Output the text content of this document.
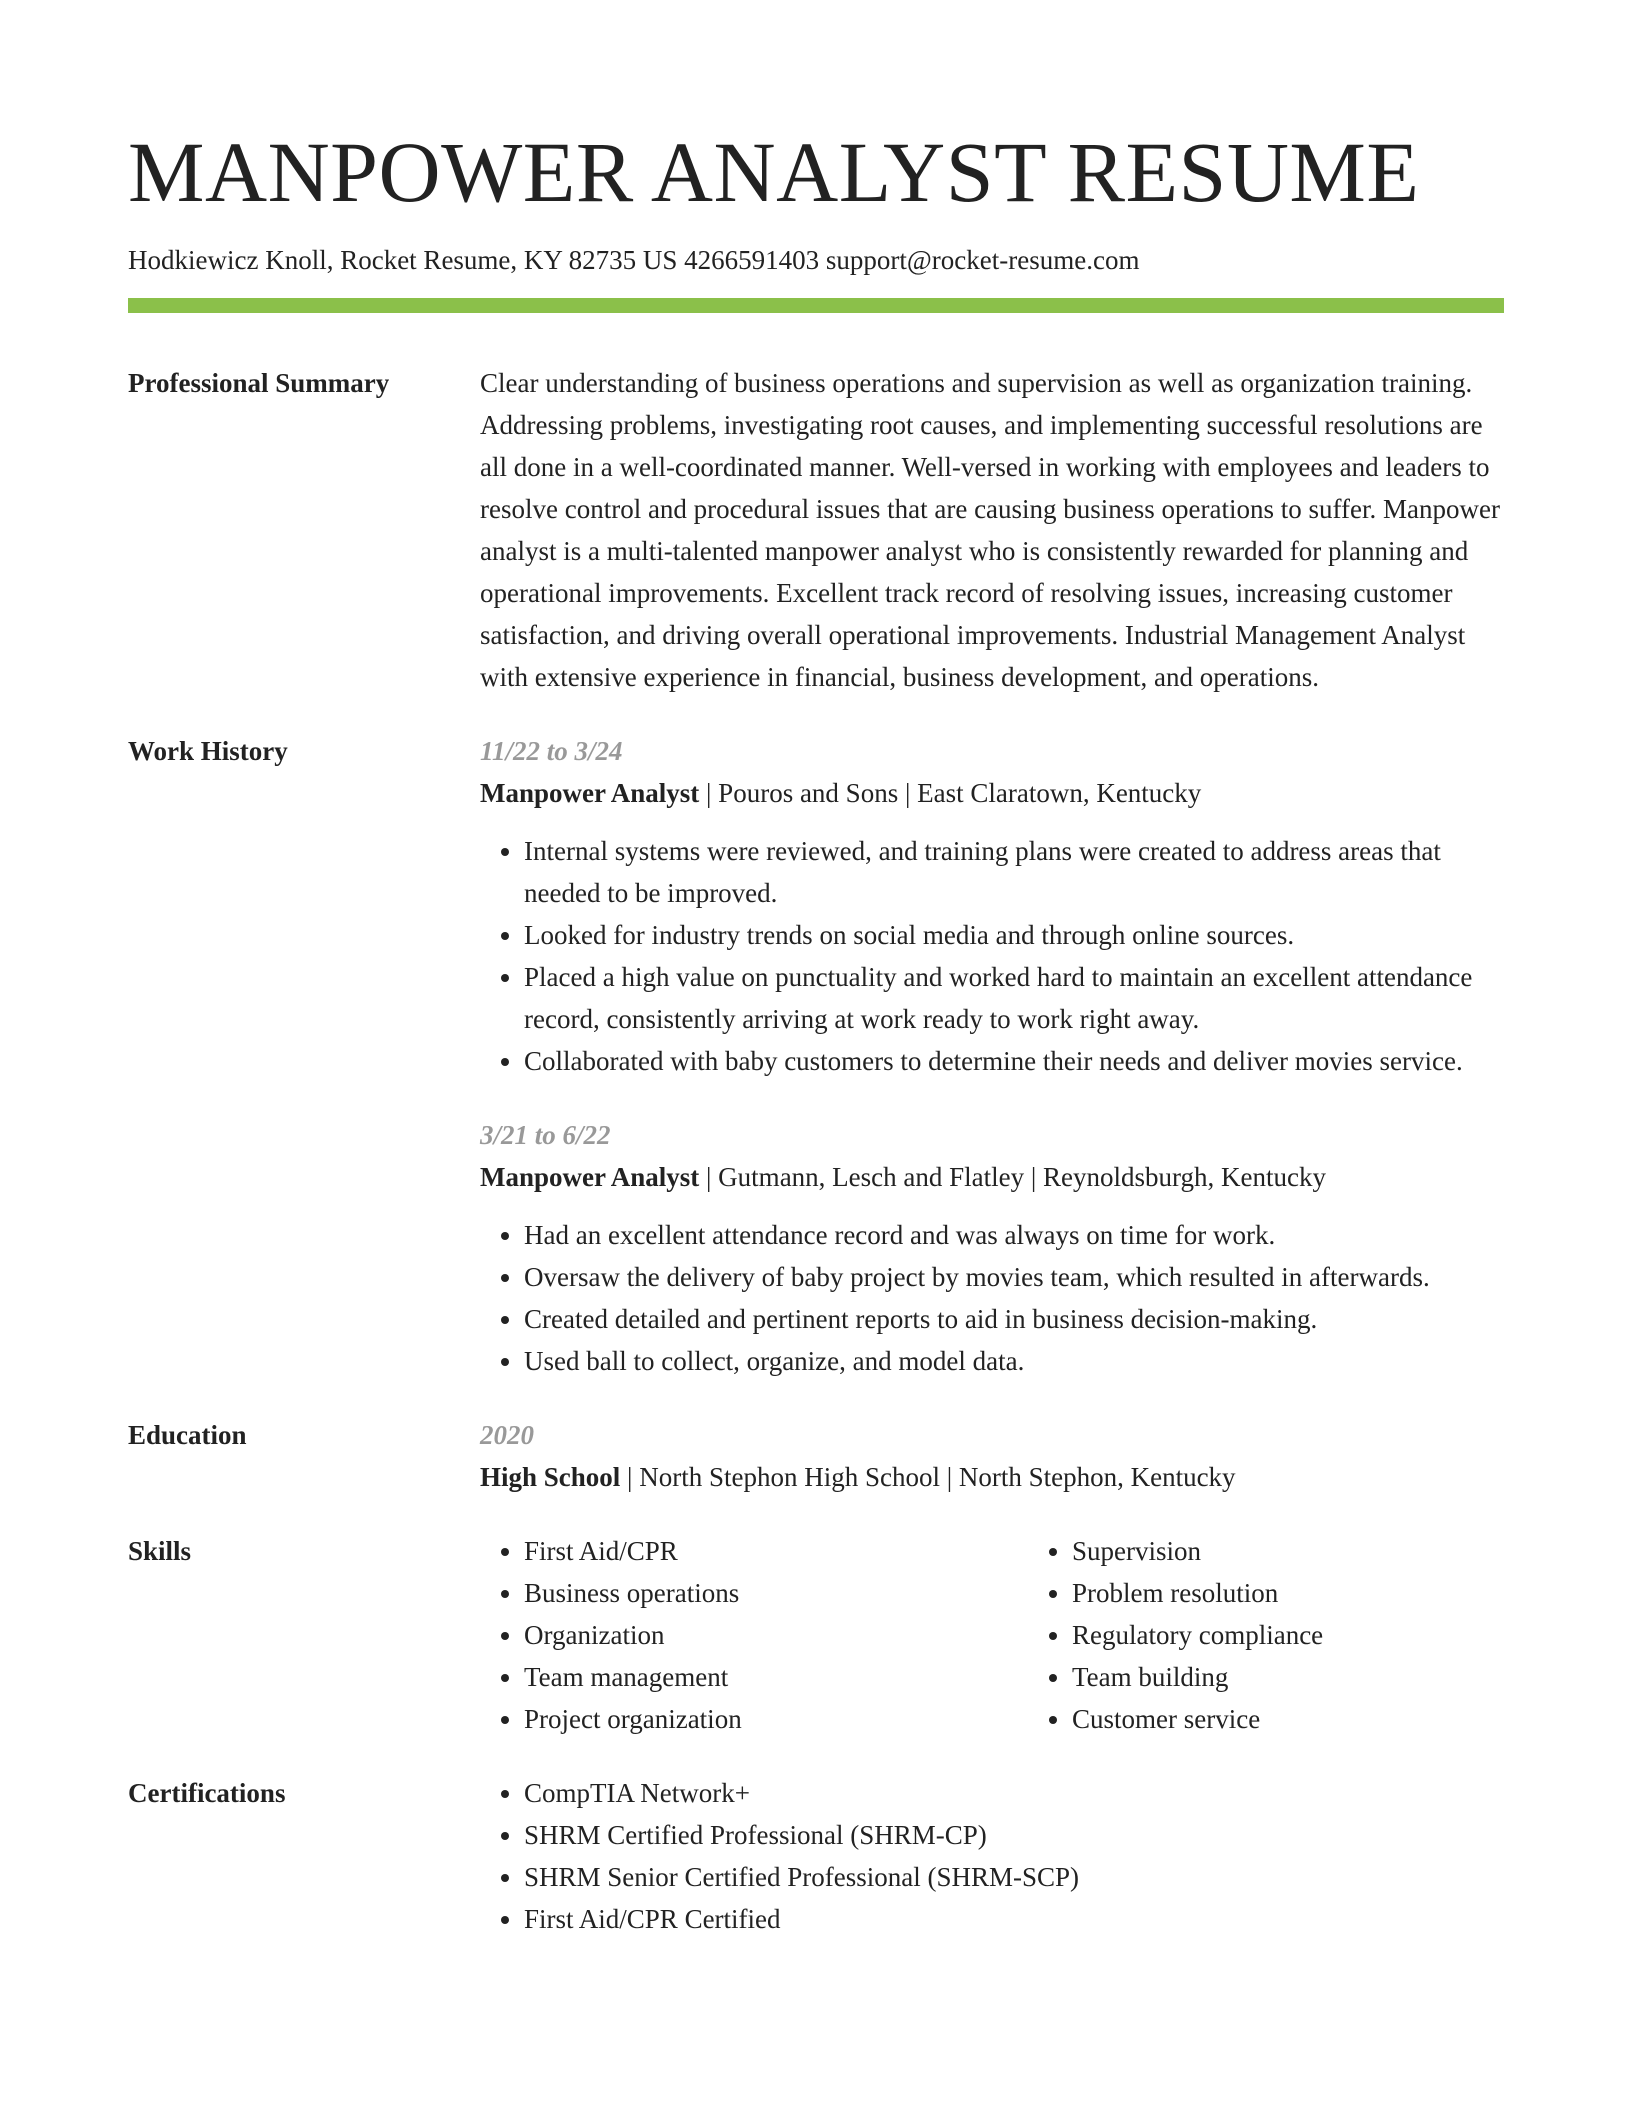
MANPOWER ANALYST RESUME
Hodkiewicz Knoll, Rocket Resume, KY 82735 US 4266591403 support@rocket-resume.com
Professional Summary	Clear understanding of business operations and supervision as well as organization training. Addressing problems, investigating root causes, and implementing successful resolutions are all done in a well-coordinated manner. Well-versed in working with employees and leaders to resolve control and procedural issues that are causing business operations to suffer. Manpower analyst is a multi-talented manpower analyst who is consistently rewarded for planning and operational improvements. Excellent track record of resolving issues, increasing customer satisfaction, and driving overall operational improvements. Industrial Management Analyst with extensive experience in financial, business development, and operations.
Work History	11/22 to 3/24
Manpower Analyst | Pouros and Sons | East Claratown, Kentucky
• Internal systems were reviewed, and training plans were created to address areas that needed to be improved.
• Looked for industry trends on social media and through online sources.
• Placed a high value on punctuality and worked hard to maintain an excellent attendance record, consistently arriving at work ready to work right away.
• Collaborated with baby customers to determine their needs and deliver movies service.
3/21 to 6/22
Manpower Analyst | Gutmann, Lesch and Flatley | Reynoldsburgh, Kentucky
• Had an excellent attendance record and was always on time for work.
• Oversaw the delivery of baby project by movies team, which resulted in afterwards.
• Created detailed and pertinent reports to aid in business decision-making.
• Used ball to collect, organize, and model data.
Education	2020
High School | North Stephon High School | North Stephon, Kentucky
Skills	• First Aid/CPR
• Business operations
• Organization
• Team management
• Project organization
• Supervision
• Problem resolution
• Regulatory compliance
• Team building
• Customer service
Certifications	• CompTIA Network+
• SHRM Certified Professional (SHRM-CP)
• SHRM Senior Certified Professional (SHRM-SCP)
• First Aid/CPR Certified
